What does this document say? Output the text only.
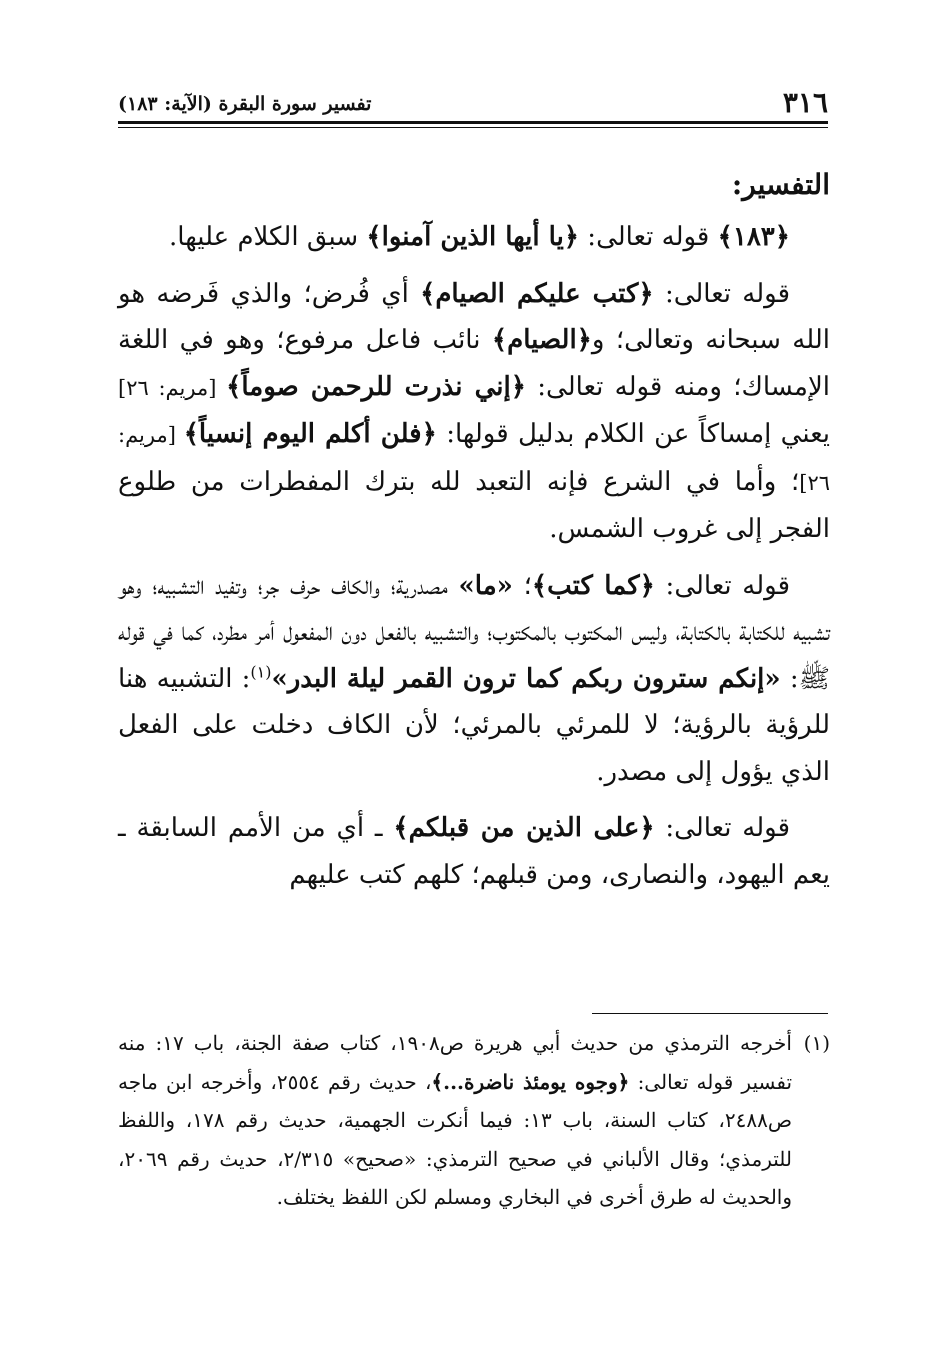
٣١٦
تفسير سورة البقرة (الآية: ١٨٣)
التفسير:

﴿١٨٣﴾ قوله تعالى: ﴿يا أيها الذين آمنوا﴾ سبق الكلام عليها.

قوله تعالى: ﴿كتب عليكم الصيام﴾ أي فُرض؛ والذي فَرضه هو الله سبحانه وتعالى؛ و﴿الصيام﴾ نائب فاعل مرفوع؛ وهو في اللغة الإمساك؛ ومنه قوله تعالى: ﴿إني نذرت للرحمن صوماً﴾ [مريم: ٢٦] يعني إمساكاً عن الكلام بدليل قولها: ﴿فلن أكلم اليوم إنسياً﴾ [مريم: ٢٦]؛ وأما في الشرع فإنه التعبد لله بترك المفطرات من طلوع الفجر إلى غروب الشمس.

قوله تعالى: ﴿كما كتب﴾؛ «ما» مصدرية؛ والكاف حرف جر؛ وتفيد التشبيه؛ وهو تشبيه للكتابة بالكتابة، وليس المكتوب بالمكتوب؛ والتشبيه بالفعل دون المفعول أمر مطرد، كما في قوله ﷺ: «إنكم سترون ربكم كما ترون القمر ليلة البدر»$^{(١)}$: التشبيه هنا للرؤية بالرؤية؛ لا للمرئي بالمرئي؛ لأن الكاف دخلت على الفعل الذي يؤول إلى مصدر.

قوله تعالى: ﴿على الذين من قبلكم﴾ ـ أي من الأمم السابقة ـ يعم اليهود، والنصارى، ومن قبلهم؛ كلهم كتب عليهم

(١)
أخرجه الترمذي من حديث أبي هريرة ص١٩٠٨، كتاب صفة الجنة، باب ١٧: منه تفسير قوله تعالى: ﴿وجوه يومئذ ناضرة...﴾، حديث رقم ٢٥٥٤، وأخرجه ابن ماجه ص٢٤٨٨، كتاب السنة، باب ١٣: فيما أنكرت الجهمية، حديث رقم ١٧٨، واللفظ للترمذي؛ وقال الألباني في صحيح الترمذي: «صحيح» ٢/٣١٥، حديث رقم ٢٠٦٩، والحديث له طرق أخرى في البخاري ومسلم لكن اللفظ يختلف.
